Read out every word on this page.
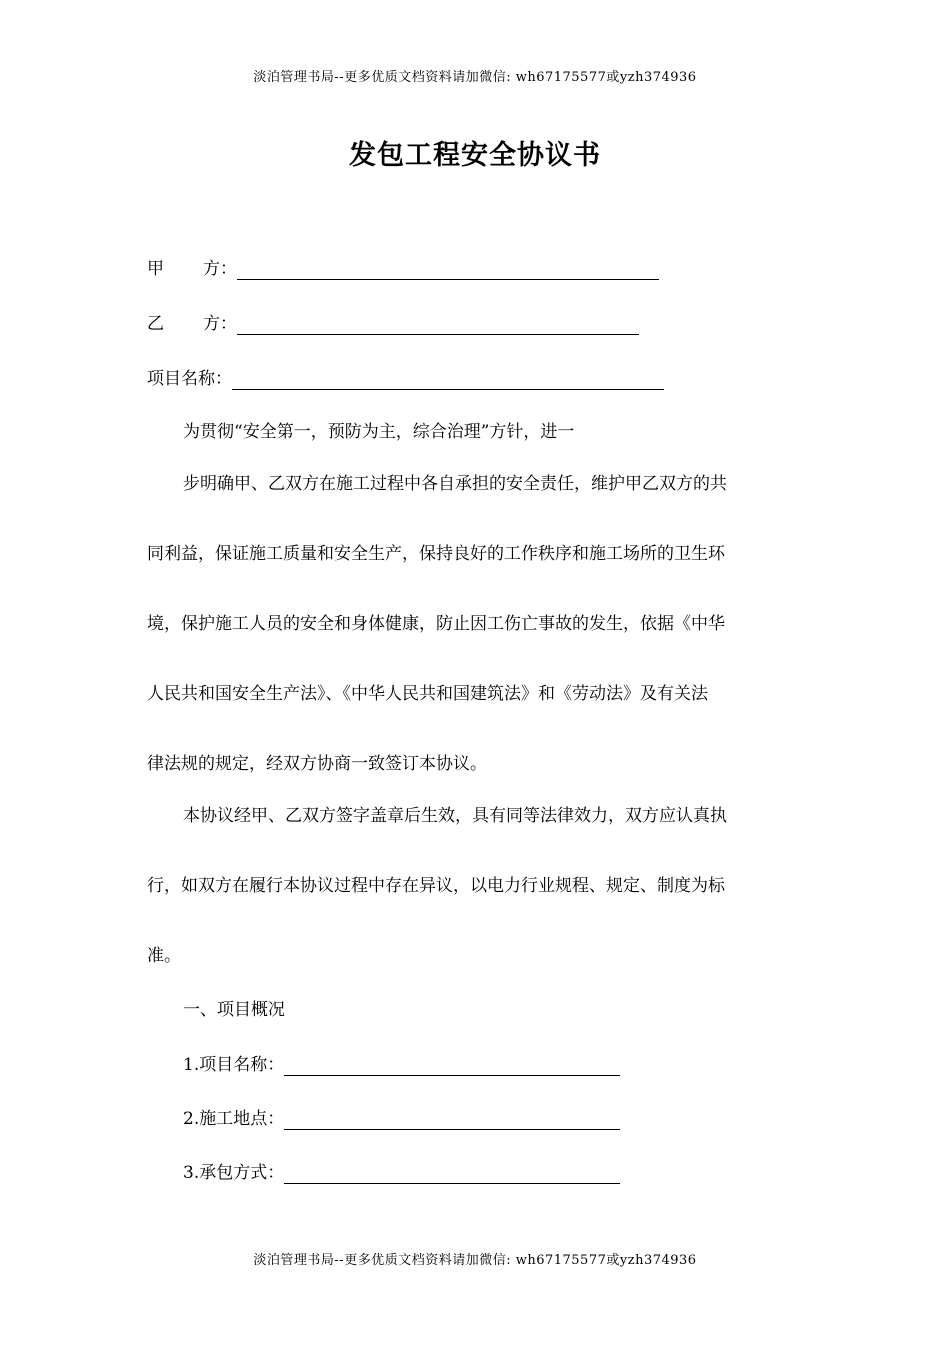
淡泊管理书局--更多优质文档资料请加微信: wh67175577或yzh374936
发包工程安全协议书
甲 方：
乙 方：
项目名称：
为贯彻“安全第一，预防为主，综合治理”方针，进一
步明确甲、乙双方在施工过程中各自承担的安全责任，维护甲乙双方的共
同利益，保证施工质量和安全生产，保持良好的工作秩序和施工场所的卫生环
境，保护施工人员的安全和身体健康，防止因工伤亡事故的发生，依据《中华
人民共和国安全生产法》、《中华人民共和国建筑法》和《劳动法》及有关法
律法规的规定，经双方协商一致签订本协议。
本协议经甲、乙双方签字盖章后生效，具有同等法律效力，双方应认真执
行，如双方在履行本协议过程中存在异议，以电力行业规程、规定、制度为标
准。
一、项目概况
1.项目名称：
2.施工地点：
3.承包方式：
淡泊管理书局--更多优质文档资料请加微信: wh67175577或yzh374936
